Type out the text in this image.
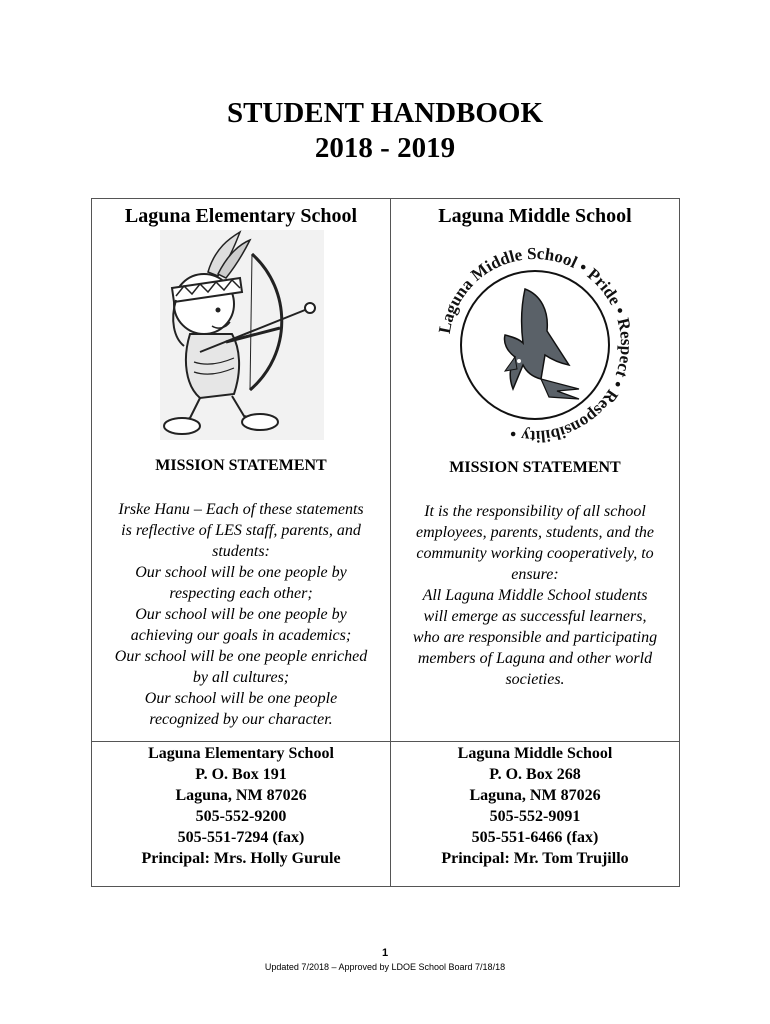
STUDENT HANDBOOK
2018 - 2019
Laguna Elementary School
MISSION STATEMENT
Irske Hanu – Each of these statements
is reflective of LES staff, parents, and
students:
Our school will be one people by
respecting each other;
Our school will be one people by
achieving our goals in academics;
Our school will be one people enriched
by all cultures;
Our school will be one people
recognized by our character.
Laguna Elementary School
P. O. Box 191
Laguna, NM 87026
505-552-9200
505-551-7294 (fax)
Principal: Mrs. Holly Gurule
Laguna Middle School
Laguna Middle School • Pride • Respect • Responsibility •
MISSION STATEMENT
It is the responsibility of all school
employees, parents, students, and the
community working cooperatively, to
ensure:
All Laguna Middle School students
will emerge as successful learners,
who are responsible and participating
members of Laguna and other world
societies.
Laguna Middle School
P. O. Box 268
Laguna, NM 87026
505-552-9091
505-551-6466 (fax)
Principal: Mr. Tom Trujillo
1
Updated 7/2018 – Approved by LDOE School Board 7/18/18
